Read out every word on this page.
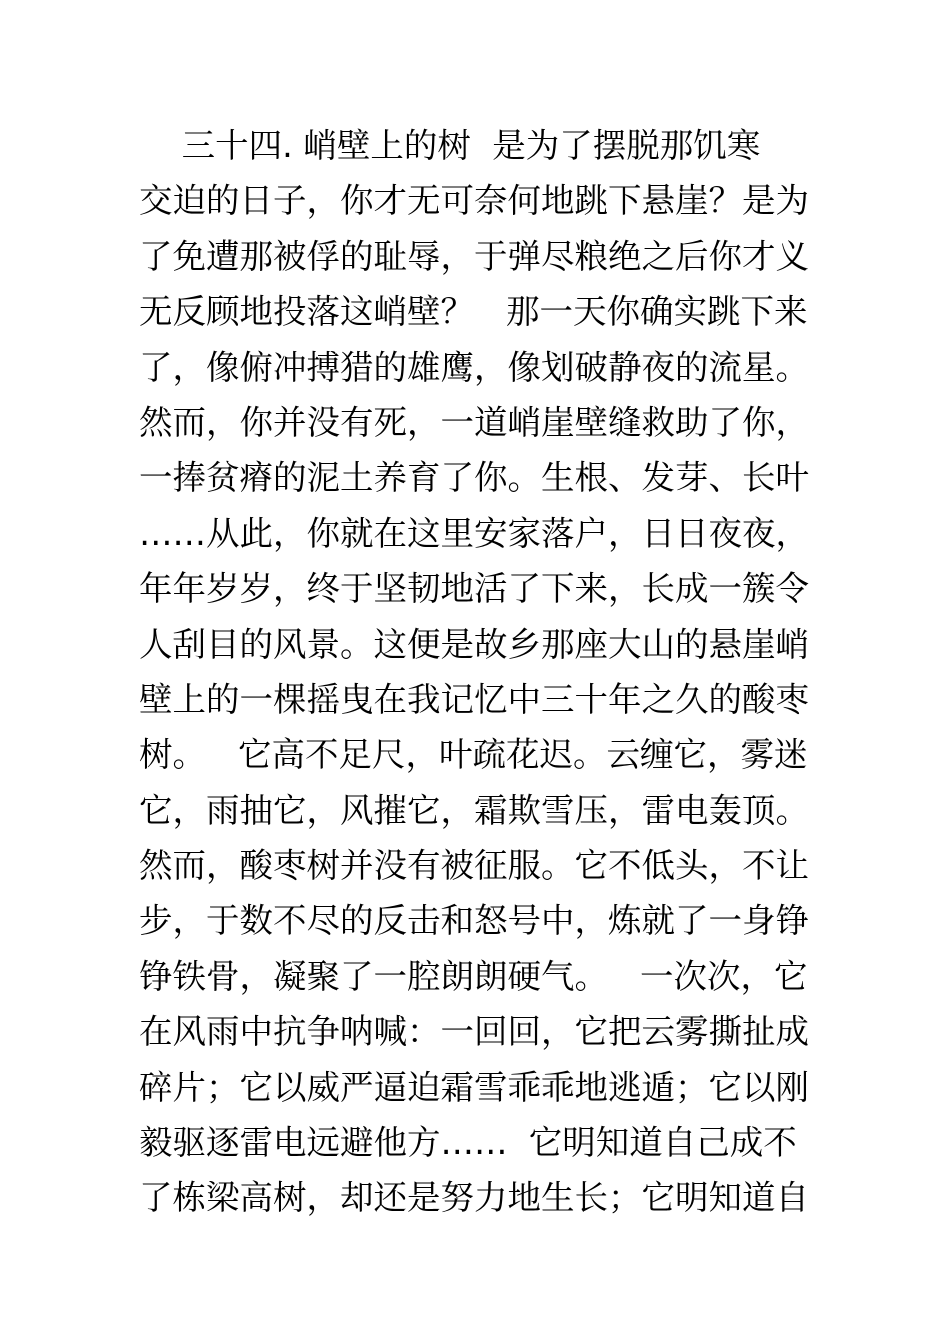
三十四. 峭壁上的树  是为了摆脱那饥寒
交迫的日子，你才无可奈何地跳下悬崖？是为
了免遭那被俘的耻辱，于弹尽粮绝之后你才义
无反顾地投落这峭壁？   那一天你确实跳下来
了，像俯冲搏猎的雄鹰，像划破静夜的流星。
然而，你并没有死，一道峭崖壁缝救助了你，
一捧贫瘠的泥土养育了你。生根、发芽、长叶
……从此，你就在这里安家落户，日日夜夜，
年年岁岁，终于坚韧地活了下来，长成一簇令
人刮目的风景。这便是故乡那座大山的悬崖峭
壁上的一棵摇曳在我记忆中三十年之久的酸枣
树。   它高不足尺，叶疏花迟。云缠它，雾迷
它，雨抽它，风摧它，霜欺雪压，雷电轰顶。
然而，酸枣树并没有被征服。它不低头，不让
步，于数不尽的反击和怒号中，炼就了一身铮
铮铁骨，凝聚了一腔朗朗硬气。   一次次，它
在风雨中抗争呐喊：一回回，它把云雾撕扯成
碎片；它以威严逼迫霜雪乖乖地逃遁；它以刚
毅驱逐雷电远避他方……  它明知道自己成不
了栋梁高树，却还是努力地生长；它明知道自
